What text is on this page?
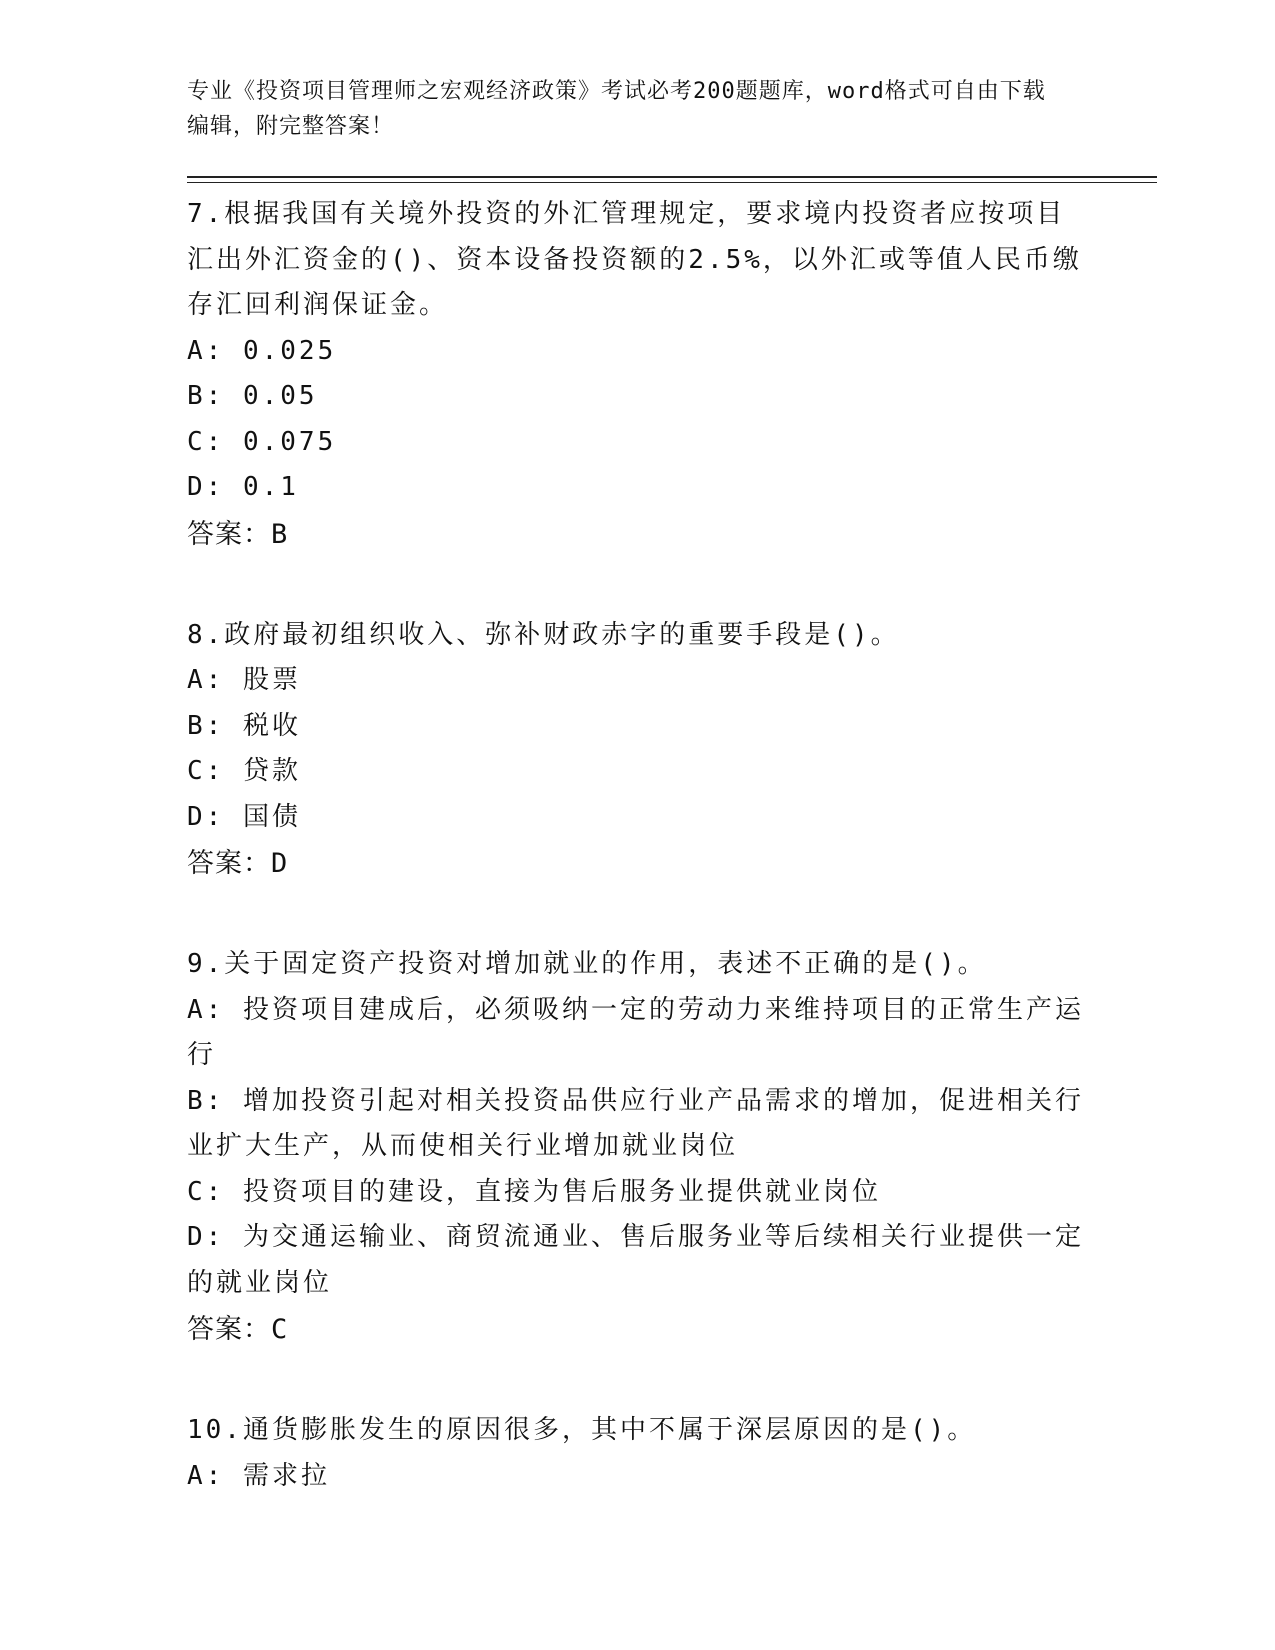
专业《投资项目管理师之宏观经济政策》考试必考200题题库，word格式可自由下载编辑，附完整答案！

7.根据我国有关境外投资的外汇管理规定，要求境内投资者应按项目汇出外汇资金的()、资本设备投资额的2.5%，以外汇或等值人民币缴存汇回利润保证金。

A: 0.025

B: 0.05

C: 0.075

D: 0.1

答案：B

8.政府最初组织收入、弥补财政赤字的重要手段是()。

A: 股票

B: 税收

C: 贷款

D: 国债

答案：D

9.关于固定资产投资对增加就业的作用，表述不正确的是()。

A: 投资项目建成后，必须吸纳一定的劳动力来维持项目的正常生产运行

B: 增加投资引起对相关投资品供应行业产品需求的增加，促进相关行业扩大生产，从而使相关行业增加就业岗位

C: 投资项目的建设，直接为售后服务业提供就业岗位

D: 为交通运输业、商贸流通业、售后服务业等后续相关行业提供一定的就业岗位

答案：C

10.通货膨胀发生的原因很多，其中不属于深层原因的是()。

A: 需求拉
